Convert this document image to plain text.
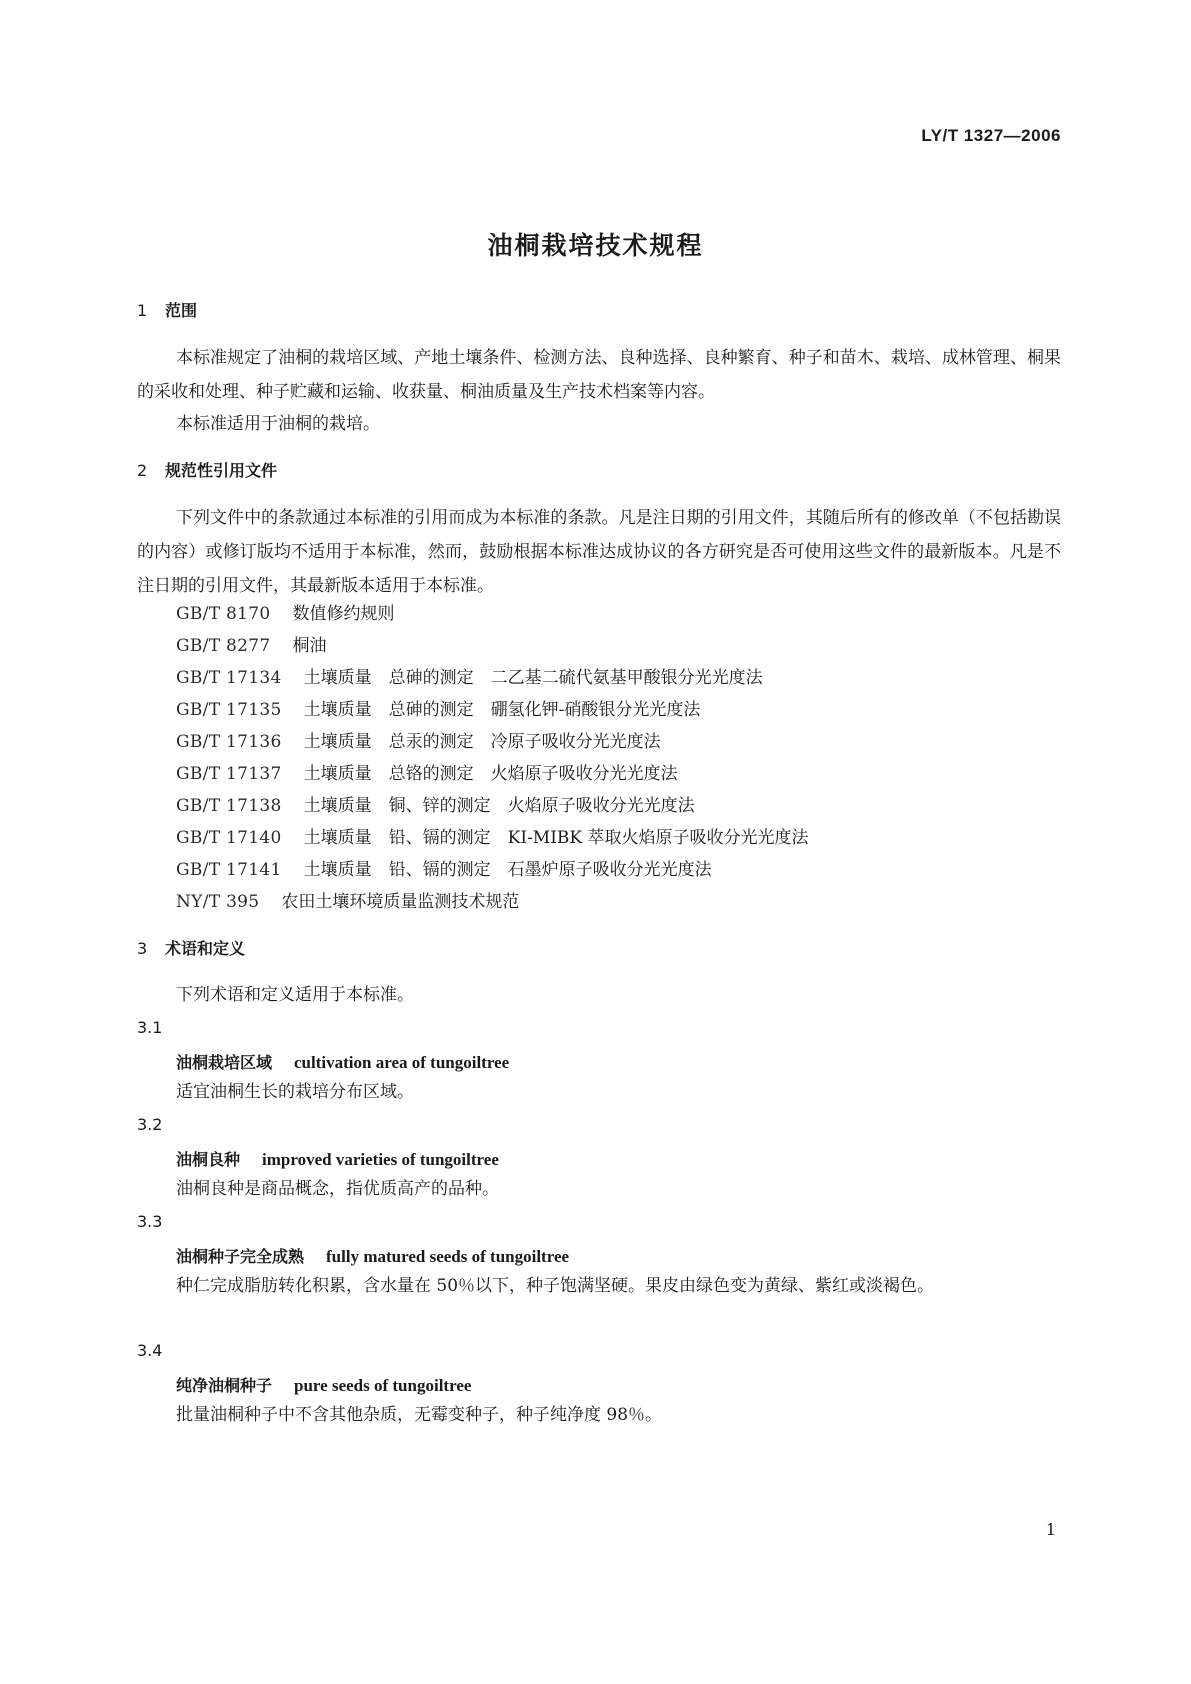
LY/T 1327—2006
油桐栽培技术规程
1 范围
本标准规定了油桐的栽培区域、产地土壤条件、检测方法、良种选择、良种繁育、种子和苗木、栽培、成林管理、桐果的采收和处理、种子贮藏和运输、收获量、桐油质量及生产技术档案等内容。
本标准适用于油桐的栽培。
2 规范性引用文件
下列文件中的条款通过本标准的引用而成为本标准的条款。凡是注日期的引用文件，其随后所有的修改单（不包括勘误的内容）或修订版均不适用于本标准，然而，鼓励根据本标准达成协议的各方研究是否可使用这些文件的最新版本。凡是不注日期的引用文件，其最新版本适用于本标准。
GB/T 8170 数值修约规则
GB/T 8277 桐油
GB/T 17134 土壤质量　总砷的测定　二乙基二硫代氨基甲酸银分光光度法
GB/T 17135 土壤质量　总砷的测定　硼氢化钾-硝酸银分光光度法
GB/T 17136 土壤质量　总汞的测定　冷原子吸收分光光度法
GB/T 17137 土壤质量　总铬的测定　火焰原子吸收分光光度法
GB/T 17138 土壤质量　铜、锌的测定　火焰原子吸收分光光度法
GB/T 17140 土壤质量　铅、镉的测定　KI-MIBK 萃取火焰原子吸收分光光度法
GB/T 17141 土壤质量　铅、镉的测定　石墨炉原子吸收分光光度法
NY/T 395 农田土壤环境质量监测技术规范
3 术语和定义
下列术语和定义适用于本标准。
3.1
油桐栽培区域 cultivation area of tungoiltree
适宜油桐生长的栽培分布区域。
3.2
油桐良种 improved varieties of tungoiltree
油桐良种是商品概念，指优质高产的品种。
3.3
油桐种子完全成熟 fully matured seeds of tungoiltree
种仁完成脂肪转化积累，含水量在 50％以下，种子饱满坚硬。果皮由绿色变为黄绿、紫红或淡褐色。
3.4
纯净油桐种子 pure seeds of tungoiltree
批量油桐种子中不含其他杂质，无霉变种子，种子纯净度 98％。
1
